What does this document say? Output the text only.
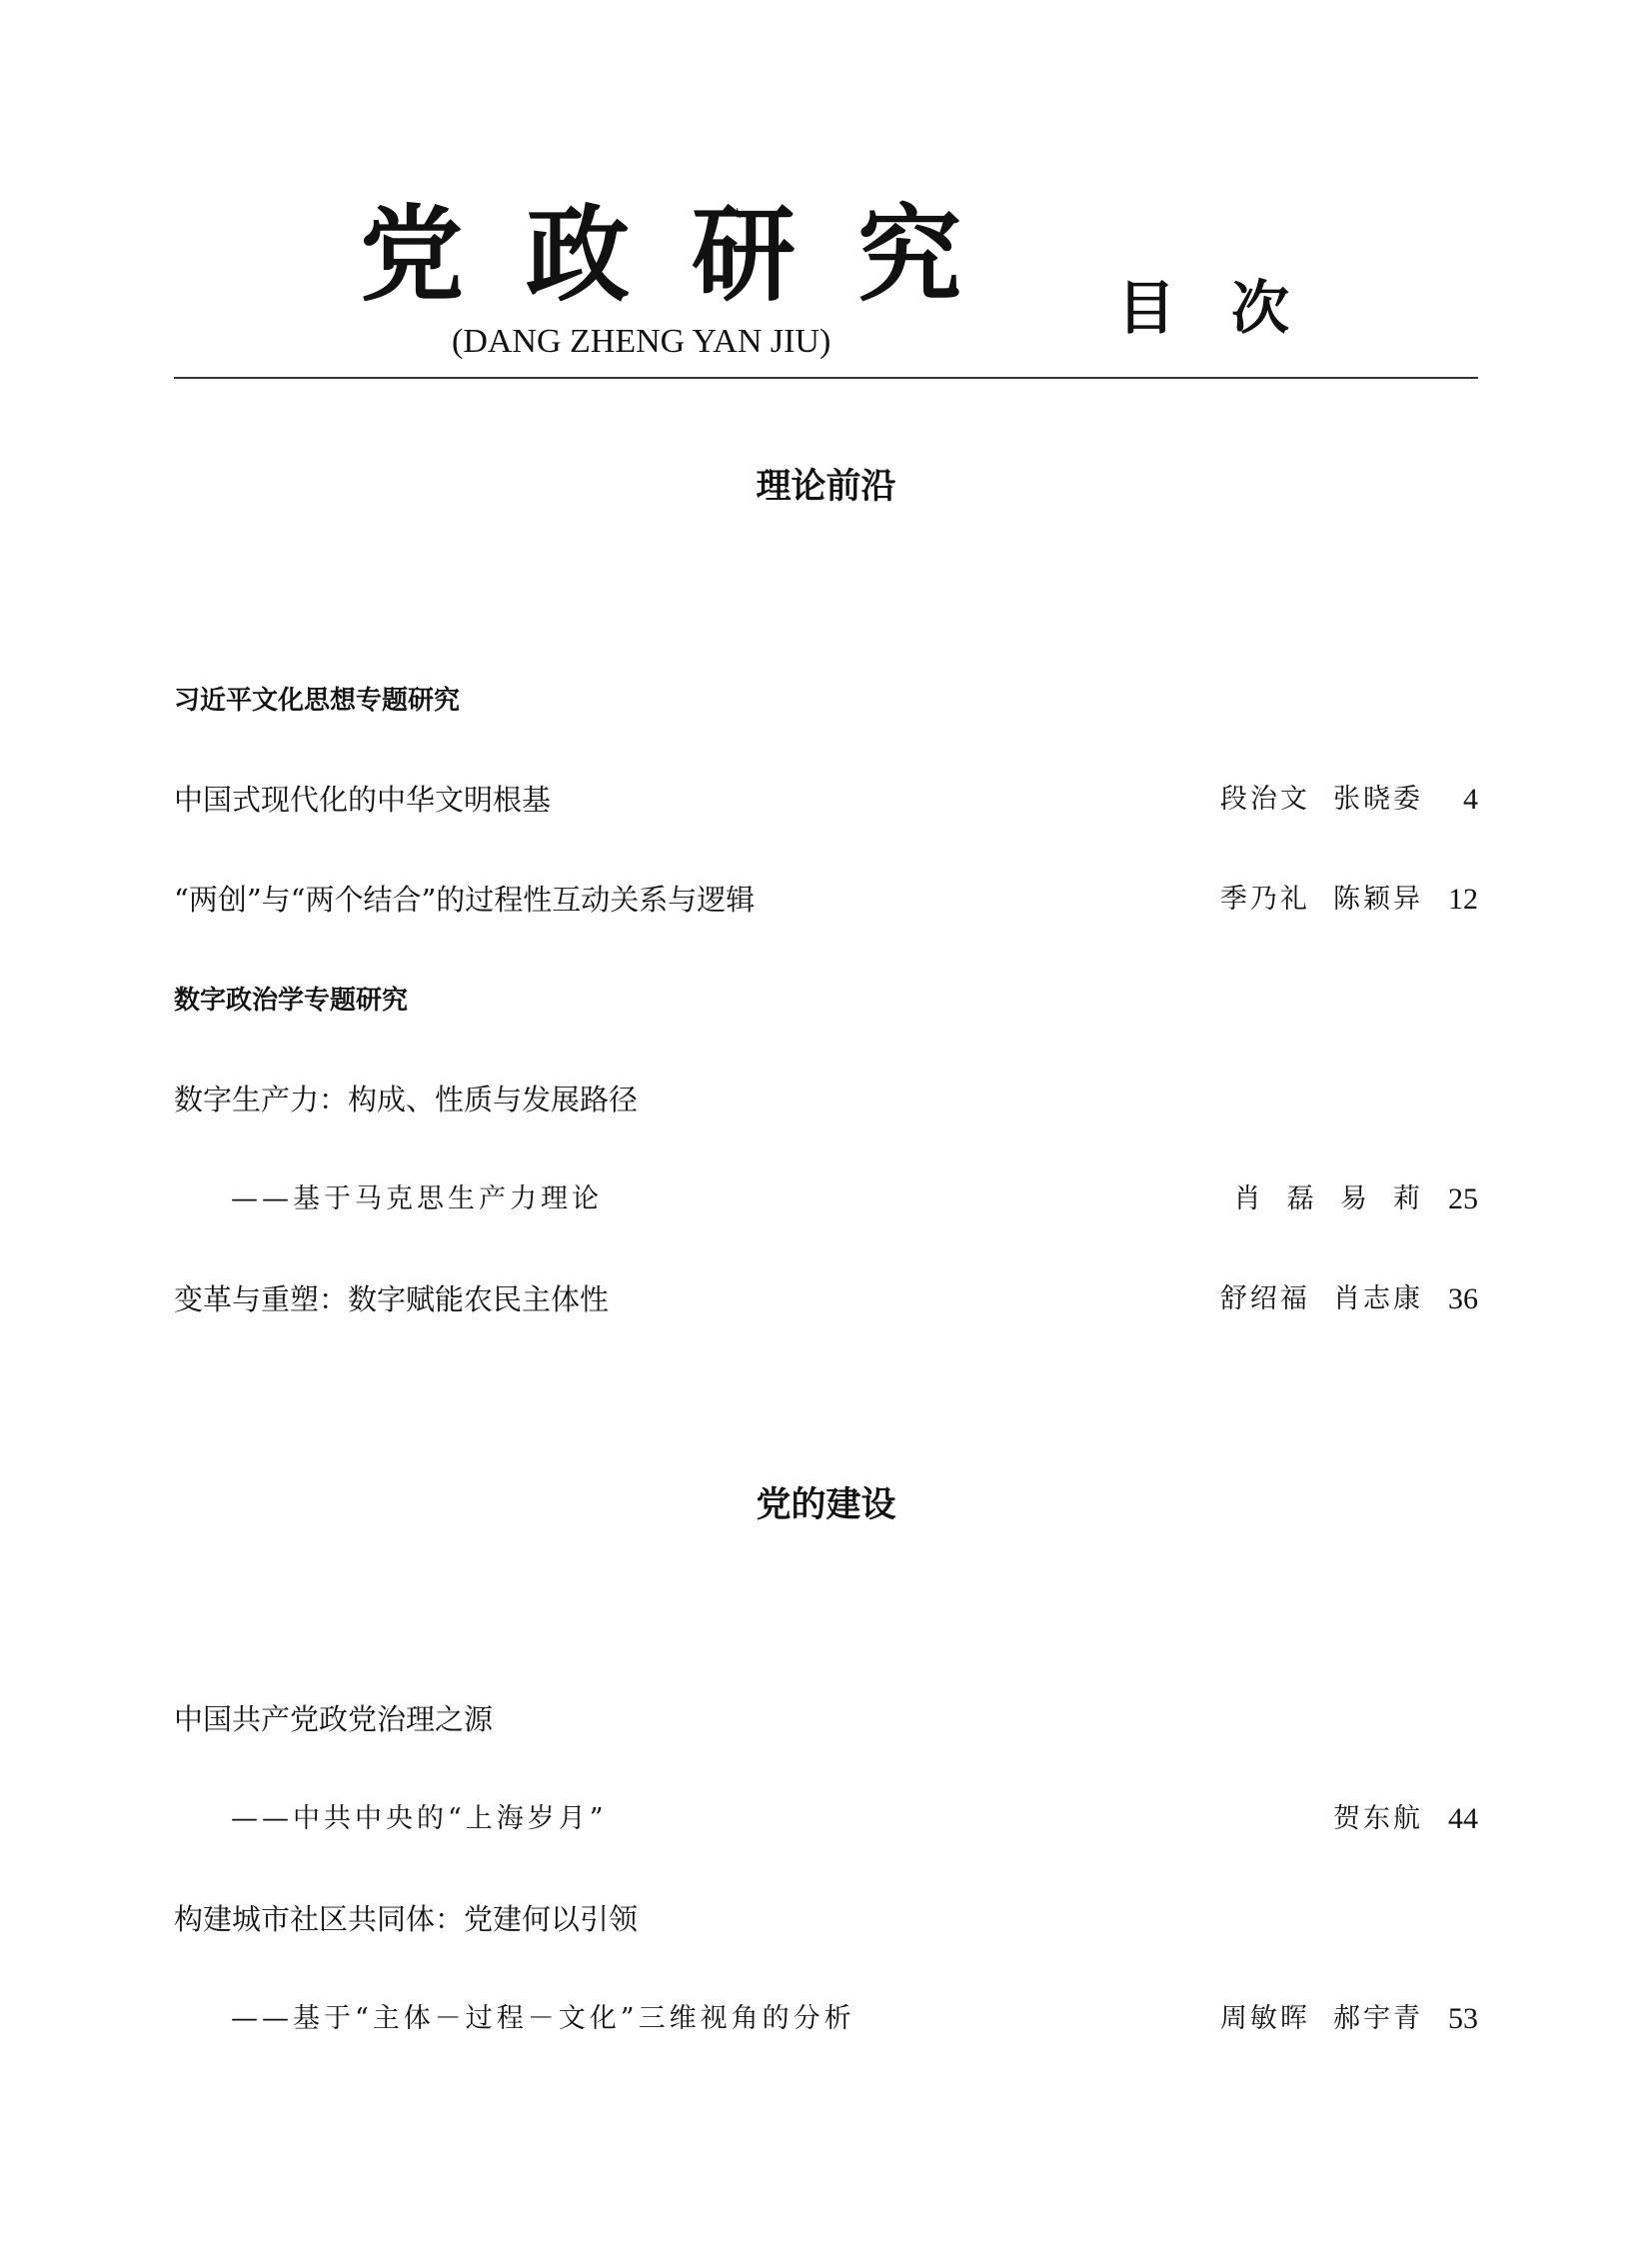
党政研究
(DANG ZHENG YAN JIU)	目次
理论前沿
习近平文化思想专题研究
中国式现代化的中华文明根基	段治文  张晓委	4
“两创”与“两个结合”的过程性互动关系与逻辑	季乃礼  陈颖异 12
数字政治学专题研究
数字生产力：构成、性质与发展路径
——基于马克思生产力理论	肖  磊  易  莉 25
变革与重塑：数字赋能农民主体性	舒绍福  肖志康 36
党的建设
中国共产党政党治理之源
——中共中央的“上海岁月”	贺东航 44
构建城市社区共同体：党建何以引领
——基于“主体－过程－文化”三维视角的分析	周敏晖  郝宇青 53
